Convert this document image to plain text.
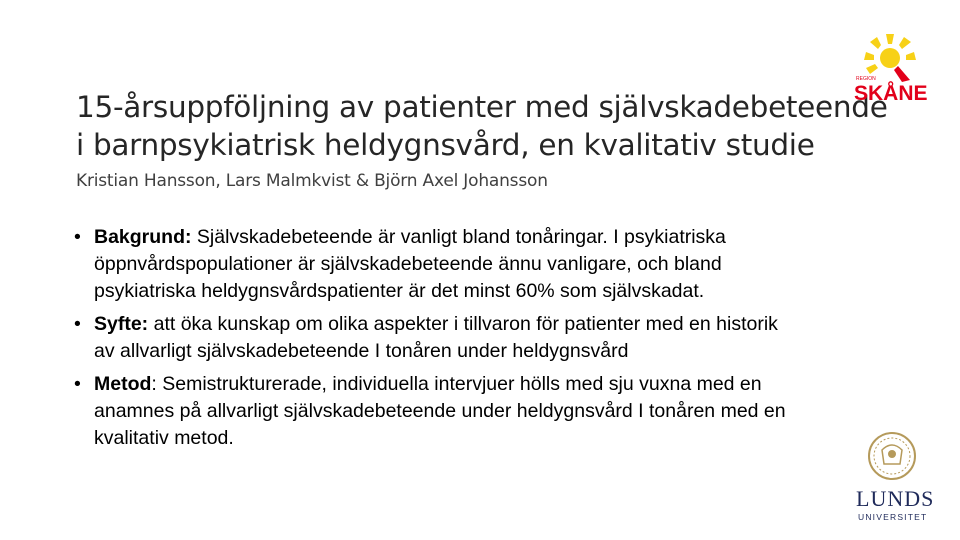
15-årsuppföljning av patienter med självskadebeteende
i barnpsykiatrisk heldygnsvård, en kvalitativ studie
Kristian Hansson, Lars Malmkvist & Björn Axel Johansson
• Bakgrund: Självskadebeteende är vanligt bland tonåringar. I psykiatriska
öppnvårdspopulationer är självskadebeteende ännu vanligare, och bland
psykiatriska heldygnsvårdspatienter är det minst 60% som självskadat.
• Syfte: att öka kunskap om olika aspekter i tillvaron för patienter med en historik
av allvarligt självskadebeteende I tonåren under heldygnsvård
• Metod: Semistrukturerade, individuella intervjuer hölls med sju vuxna med en
anamnes på allvarligt självskadebeteende under heldygnsvård I tonåren med en
kvalitativ metod.
REGION
SKÅNE
LUNDS
UNIVERSITET
